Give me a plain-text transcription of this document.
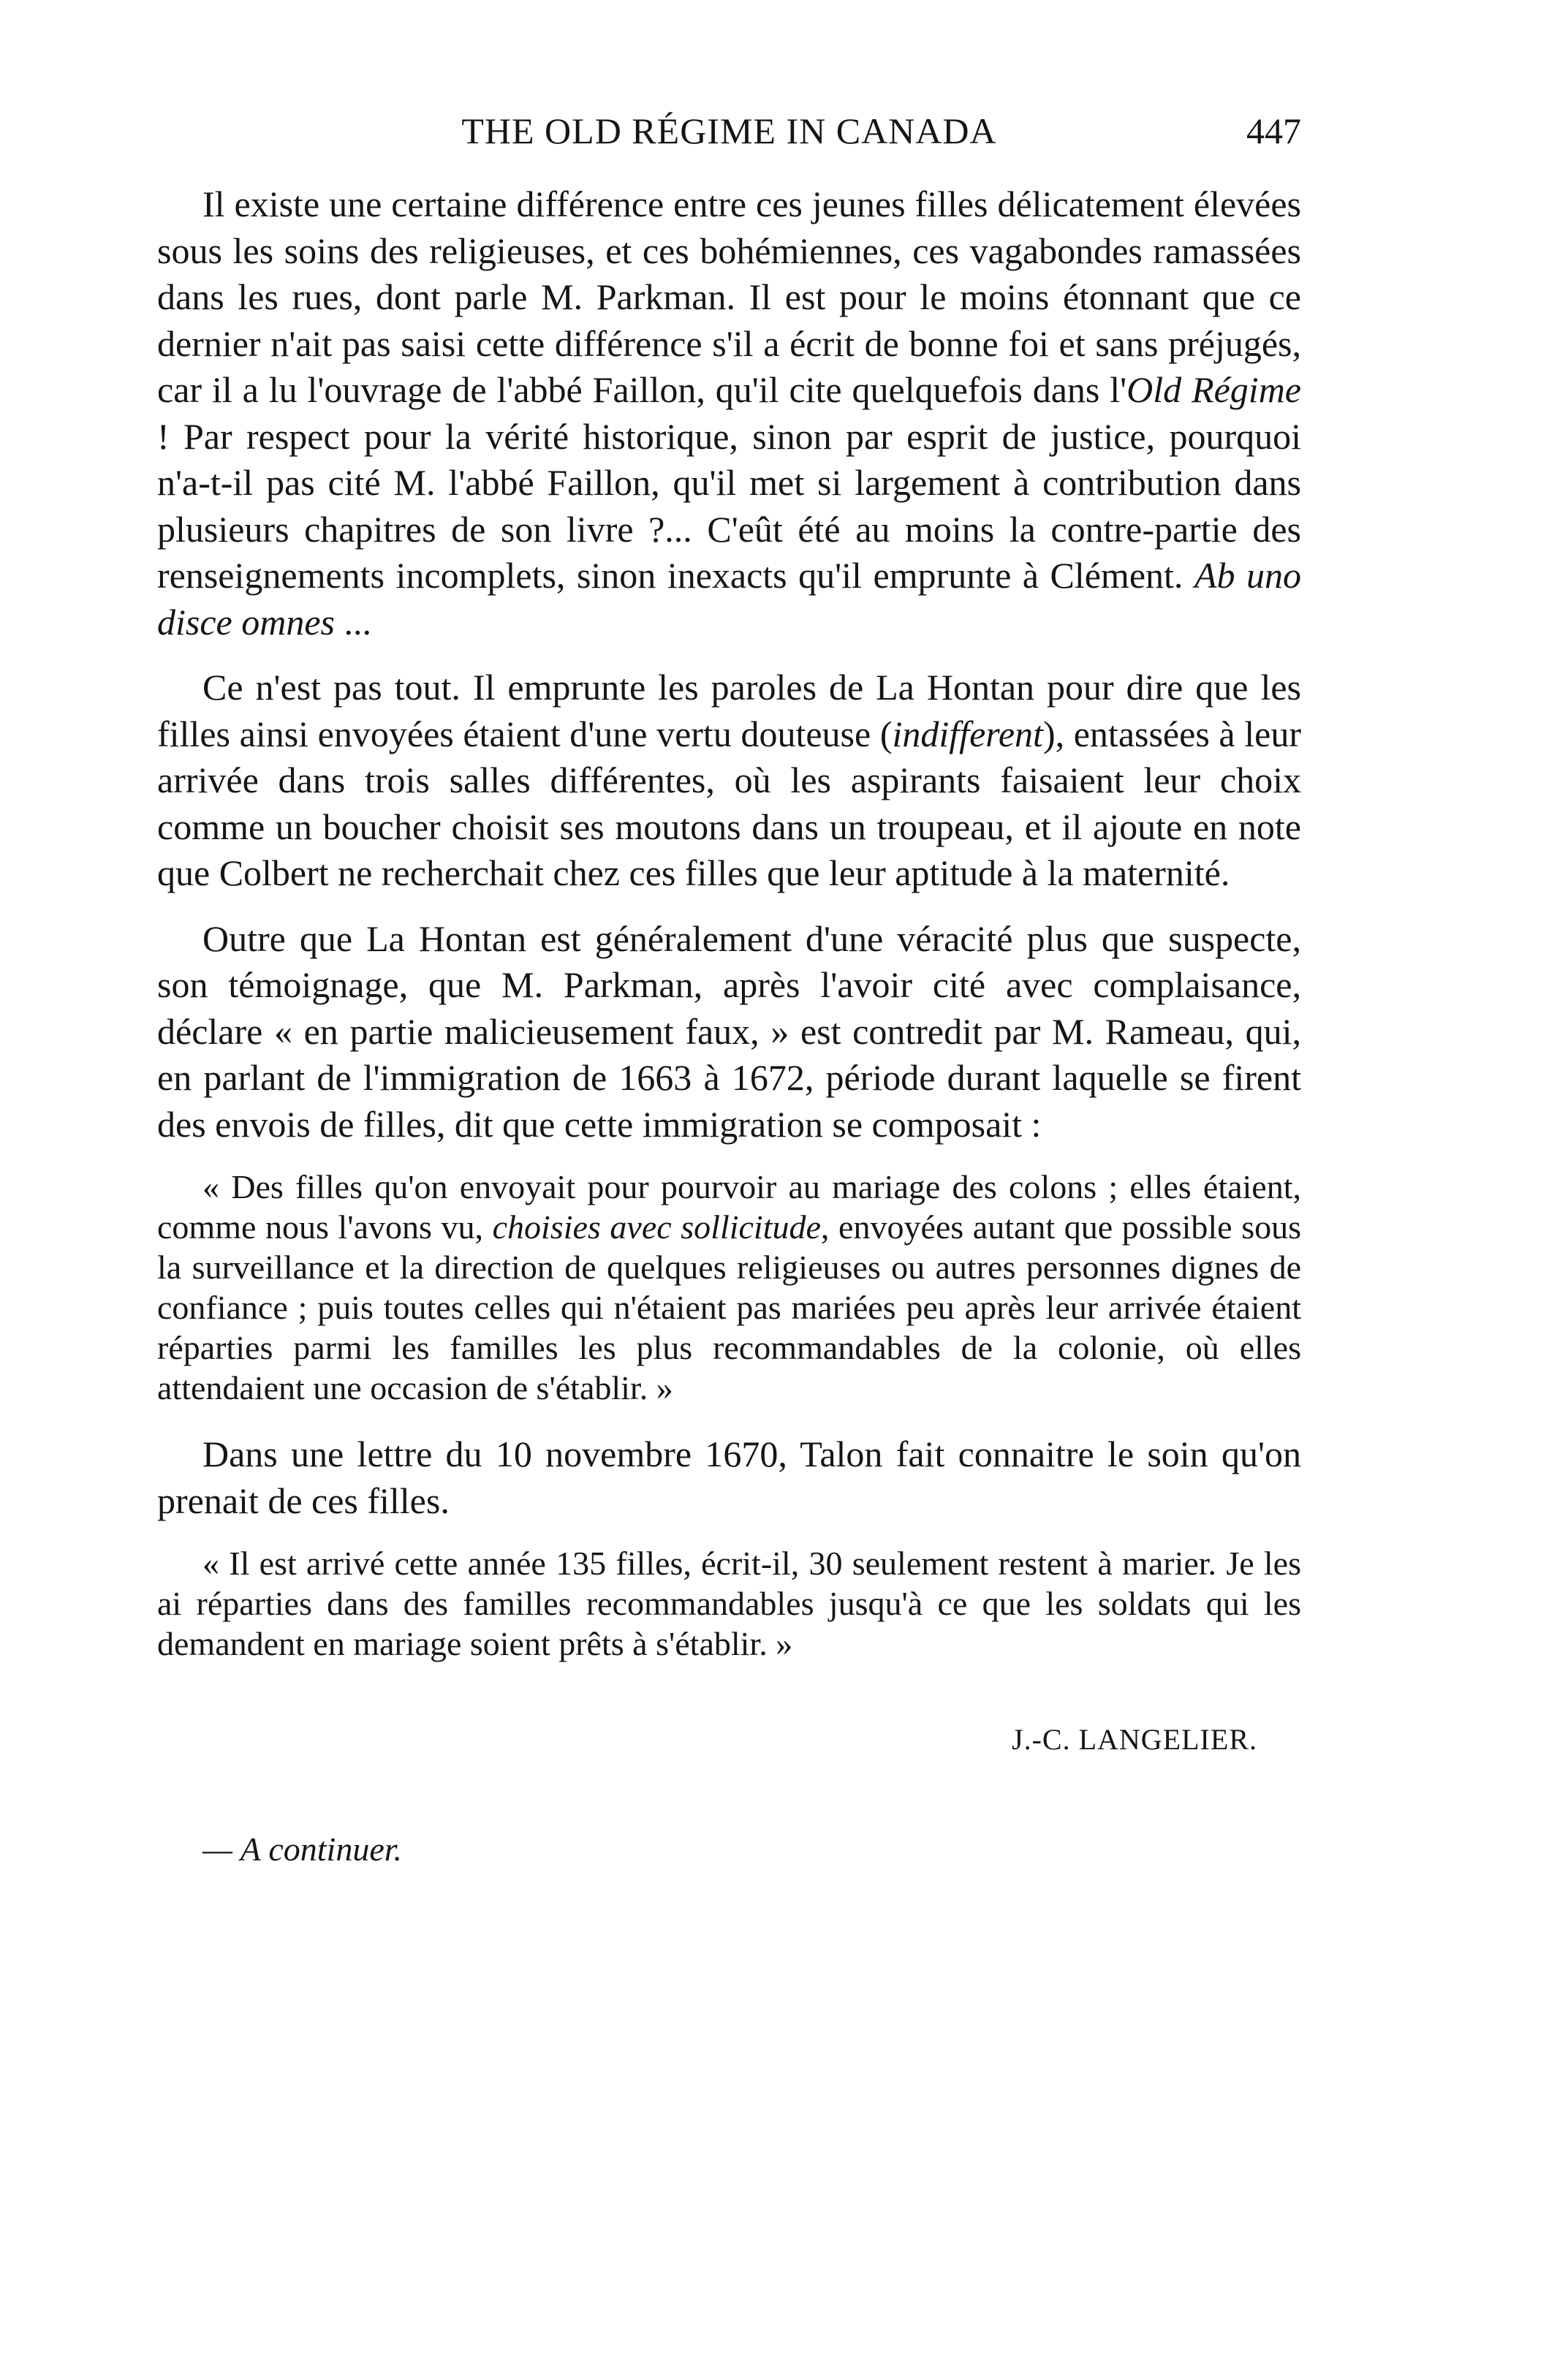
THE OLD RÉGIME IN CANADA	447

Il existe une certaine différence entre ces jeunes filles délicatement élevées sous les soins des religieuses, et ces bohémiennes, ces vagabondes ramassées dans les rues, dont parle M. Parkman. Il est pour le moins étonnant que ce dernier n'ait pas saisi cette différence s'il a écrit de bonne foi et sans préjugés, car il a lu l'ouvrage de l'abbé Faillon, qu'il cite quelquefois dans l'Old Régime ! Par respect pour la vérité historique, sinon par esprit de justice, pourquoi n'a-t-il pas cité M. l'abbé Faillon, qu'il met si largement à contribution dans plusieurs chapitres de son livre ?... C'eût été au moins la contre-partie des renseignements incomplets, sinon inexacts qu'il emprunte à Clément. Ab uno disce omnes ...

Ce n'est pas tout. Il emprunte les paroles de La Hontan pour dire que les filles ainsi envoyées étaient d'une vertu douteuse (indifferent), entassées à leur arrivée dans trois salles différentes, où les aspirants faisaient leur choix comme un boucher choisit ses moutons dans un troupeau, et il ajoute en note que Colbert ne recherchait chez ces filles que leur aptitude à la maternité.

Outre que La Hontan est généralement d'une véracité plus que suspecte, son témoignage, que M. Parkman, après l'avoir cité avec complaisance, déclare « en partie malicieusement faux, » est contredit par M. Rameau, qui, en parlant de l'immigration de 1663 à 1672, période durant laquelle se firent des envois de filles, dit que cette immigration se composait :

« Des filles qu'on envoyait pour pourvoir au mariage des colons ; elles étaient, comme nous l'avons vu, choisies avec sollicitude, envoyées autant que possible sous la surveillance et la direction de quelques religieuses ou autres personnes dignes de confiance ; puis toutes celles qui n'étaient pas mariées peu après leur arrivée étaient réparties parmi les familles les plus recommandables de la colonie, où elles attendaient une occasion de s'établir. »

Dans une lettre du 10 novembre 1670, Talon fait connaitre le soin qu'on prenait de ces filles.

« Il est arrivé cette année 135 filles, écrit-il, 30 seulement restent à marier. Je les ai réparties dans des familles recommandables jusqu'à ce que les soldats qui les demandent en mariage soient prêts à s'établir. »

J.-C. LANGELIER.
— A continuer.
